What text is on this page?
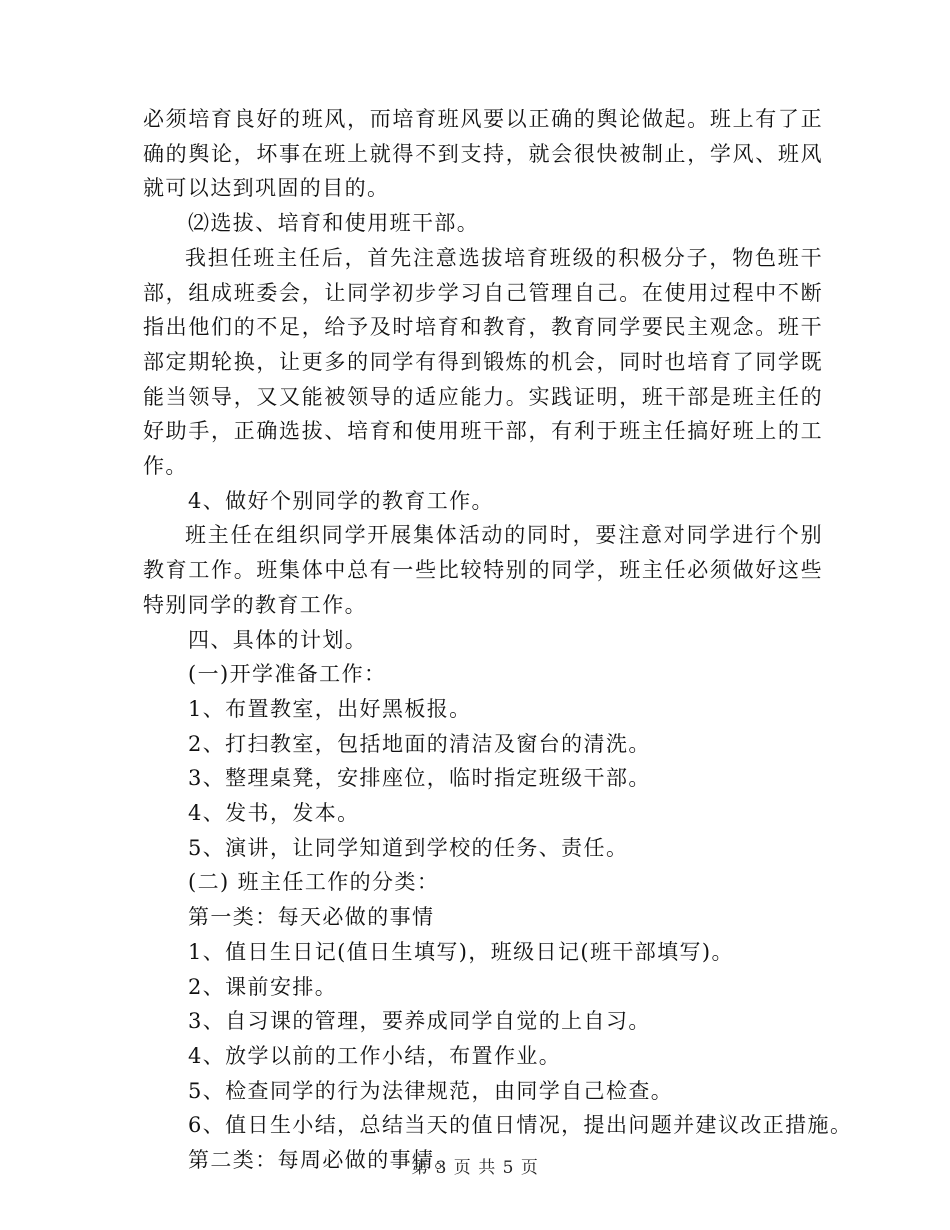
必须培育良好的班风，而培育班风要以正确的舆论做起。班上有了正确的舆论，坏事在班上就得不到支持，就会很快被制止，学风、班风就可以达到巩固的目的。

⑵选拔、培育和使用班干部。

我担任班主任后，首先注意选拔培育班级的积极分子，物色班干部，组成班委会，让同学初步学习自己管理自己。在使用过程中不断指出他们的不足，给予及时培育和教育，教育同学要民主观念。班干部定期轮换，让更多的同学有得到锻炼的机会，同时也培育了同学既能当领导，又又能被领导的适应能力。实践证明，班干部是班主任的好助手，正确选拔、培育和使用班干部，有利于班主任搞好班上的工作。

4、做好个别同学的教育工作。

班主任在组织同学开展集体活动的同时，要注意对同学进行个别教育工作。班集体中总有一些比较特别的同学，班主任必须做好这些特别同学的教育工作。

四、具体的计划。

(一)开学准备工作：

1、布置教室，出好黑板报。

2、打扫教室，包括地面的清洁及窗台的清洗。

3、整理桌凳，安排座位，临时指定班级干部。

4、发书，发本。

5、演讲，让同学知道到学校的任务、责任。

(二) 班主任工作的分类：

第一类：每天必做的事情

1、值日生日记(值日生填写)，班级日记(班干部填写)。

2、课前安排。

3、自习课的管理，要养成同学自觉的上自习。

4、放学以前的工作小结，布置作业。

5、检查同学的行为法律规范，由同学自己检查。

6、值日生小结，总结当天的值日情况，提出问题并建议改正措施。

第二类：每周必做的事情。

第 3 页 共 5 页
